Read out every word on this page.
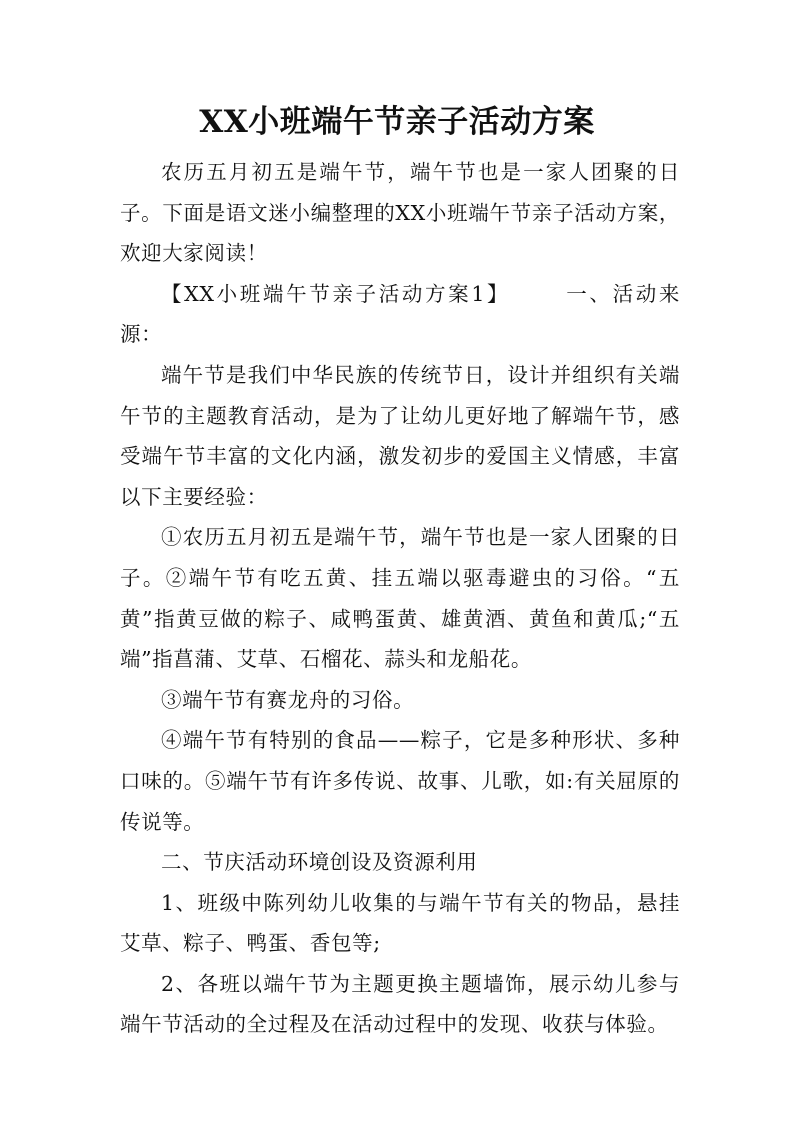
XX小班端午节亲子活动方案

农历五月初五是端午节，端午节也是一家人团聚的日子。下面是语文迷小编整理的XX小班端午节亲子活动方案，欢迎大家阅读！

【XX小班端午节亲子活动方案1】	一、活动来源：

端午节是我们中华民族的传统节日，设计并组织有关端午节的主题教育活动，是为了让幼儿更好地了解端午节，感受端午节丰富的文化内涵，激发初步的爱国主义情感，丰富以下主要经验：

①农历五月初五是端午节，端午节也是一家人团聚的日子。②端午节有吃五黄、挂五端以驱毒避虫的习俗。“五黄”指黄豆做的粽子、咸鸭蛋黄、雄黄酒、黄鱼和黄瓜;“五端”指菖蒲、艾草、石榴花、蒜头和龙船花。

③端午节有赛龙舟的习俗。

④端午节有特别的食品——粽子，它是多种形状、多种口味的。⑤端午节有许多传说、故事、儿歌，如:有关屈原的传说等。

二、节庆活动环境创设及资源利用

1、班级中陈列幼儿收集的与端午节有关的物品，悬挂艾草、粽子、鸭蛋、香包等;

2、各班以端午节为主题更换主题墙饰，展示幼儿参与端午节活动的全过程及在活动过程中的发现、收获与体验。
